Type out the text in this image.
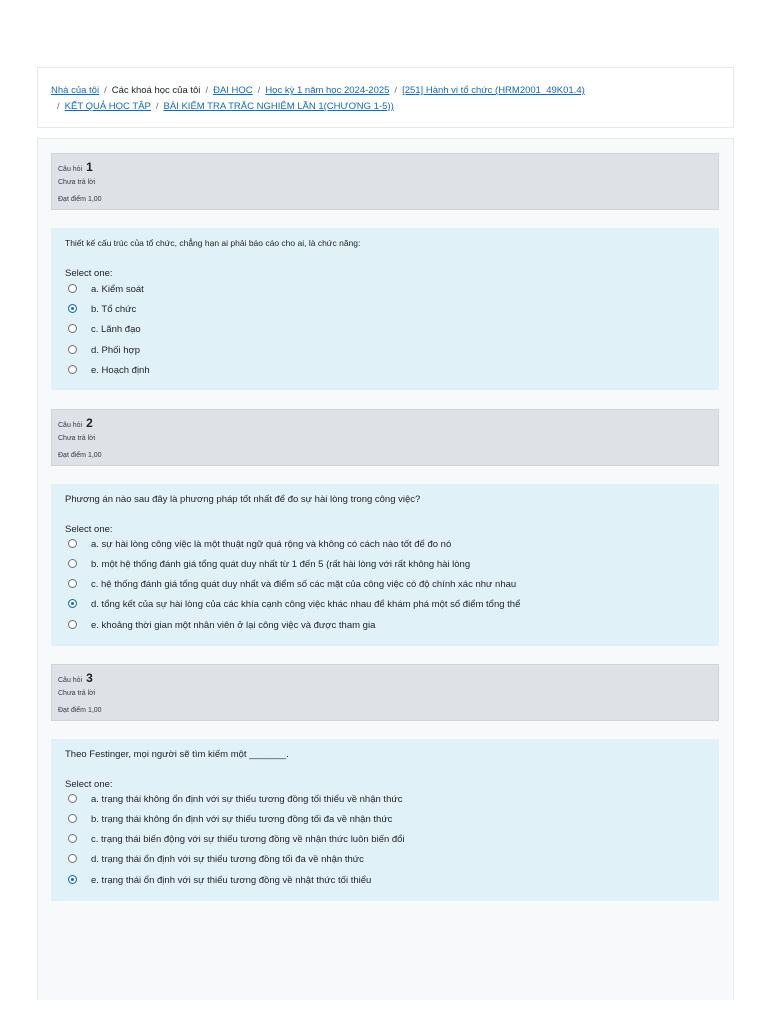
Nhà của tôi / Các khoá học của tôi / ĐẠI HỌC / Học kỳ 1 năm học 2024-2025 / [251] Hành vi tổ chức (HRM2001_49K01.4)
/ KẾT QUẢ HỌC TẬP / BÀI KIỂM TRA TRẮC NGHIỆM LẦN 1(CHƯƠNG 1-5))
Câu hỏi 1
Chưa trả lời
Đạt điểm 1,00
Thiết kế cấu trúc của tổ chức, chẳng hạn ai phải báo cáo cho ai, là chức năng:
Select one:
a. Kiểm soát
b. Tổ chức
c. Lãnh đạo
d. Phối hợp
e. Hoạch định
Câu hỏi 2
Chưa trả lời
Đạt điểm 1,00
Phương án nào sau đây là phương pháp tốt nhất để đo sự hài lòng trong công việc?
Select one:
a. sự hài lòng công việc là một thuật ngữ quá rộng và không có cách nào tốt để đo nó
b. một hệ thống đánh giá tổng quát duy nhất từ 1 đến 5 (rất hài lòng với rất không hài lòng
c. hệ thống đánh giá tổng quát duy nhất và điểm số các mặt của công việc có độ chính xác như nhau
d. tổng kết của sự hài lòng của các khía cạnh công việc khác nhau để khám phá một số điểm tổng thể
e. khoảng thời gian một nhân viên ở lại công việc và được tham gia
Câu hỏi 3
Chưa trả lời
Đạt điểm 1,00
Theo Festinger, mọi người sẽ tìm kiếm một _______.
Select one:
a. trạng thái không ổn định với sự thiếu tương đồng tối thiểu về nhận thức
b. trạng thái không ổn định với sự thiếu tương đồng tối đa về nhận thức
c. trạng thái biến động với sự thiếu tương đồng về nhận thức luôn biến đổi
d. trạng thái ổn định với sự thiếu tương đồng tối đa về nhận thức
e. trạng thái ổn định với sự thiếu tương đồng về nhật thức tối thiểu
